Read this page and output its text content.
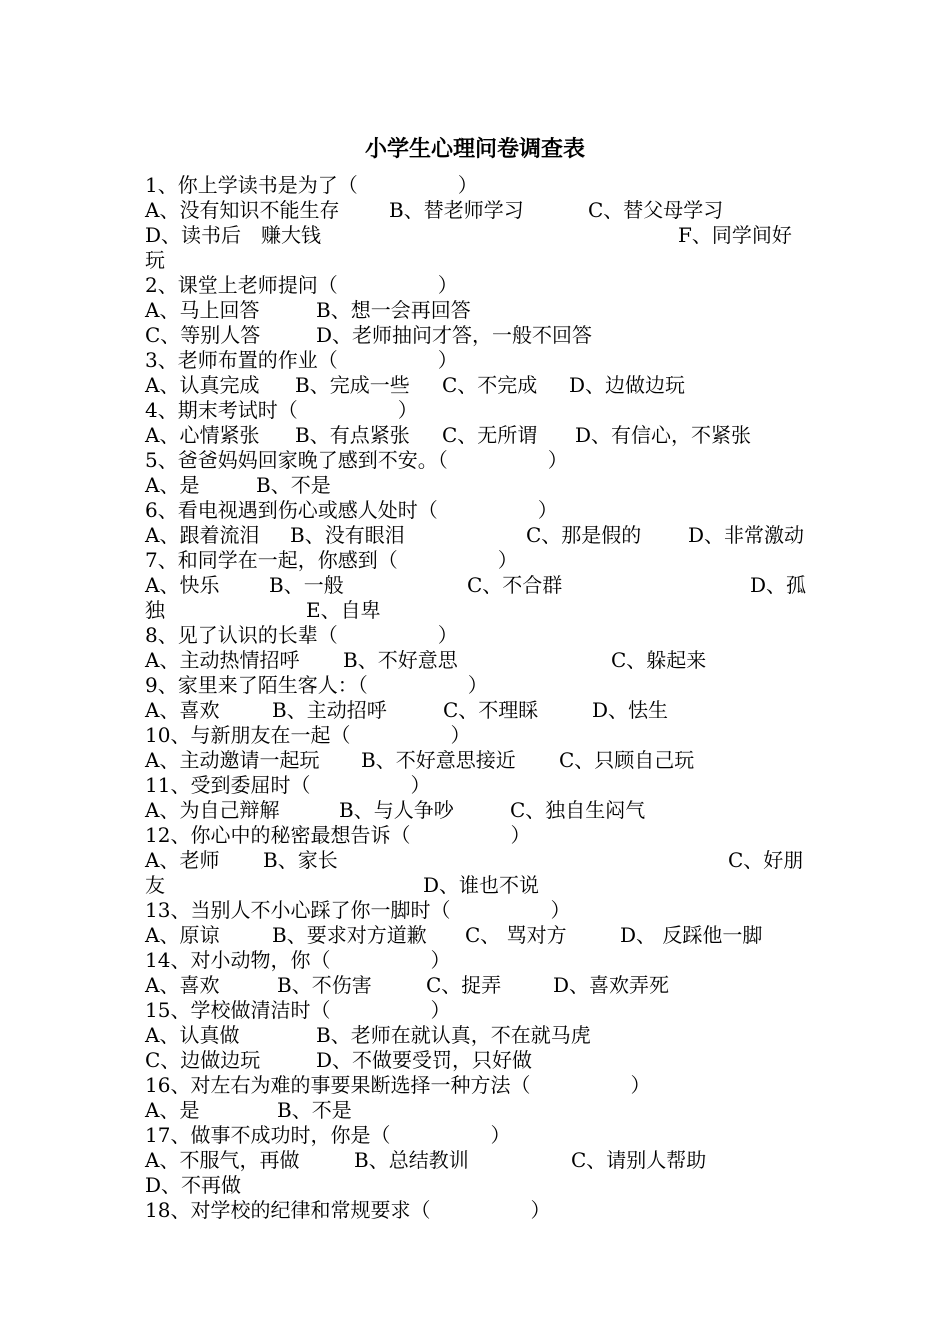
小学生心理问卷调查表
1、你上学读书是为了（　　　　　）
A、没有知识不能生存 B、替老师学习	C、替父母学习
D、读书后　赚大钱	F、同学间好
玩
2、课堂上老师提问（　　　　　）
A、马上回答	B、想一会再回答
C、等别人答	D、老师抽问才答，一般不回答
3、老师布置的作业（　　　　　）
A、认真完成 B、完成一些 C、不完成 D、边做边玩
4、期末考试时（　　　　　）
A、心情紧张 B、有点紧张 C、无所谓 D、有信心，不紧张
5、爸爸妈妈回家晚了感到不安。（　　　　　）
A、是	B、不是
6、看电视遇到伤心或感人处时（　　　　　）
A、跟着流泪 B、没有眼泪	C、那是假的 D、非常激动
7、和同学在一起，你感到（　　　　　）
A、快乐 B、一般	C、不合群	D、孤
独	E、自卑
8、见了认识的长辈（　　　　　）
A、主动热情招呼 B、不好意思	C、躲起来
9、家里来了陌生客人：（　　　　　）
A、喜欢	B、主动招呼	C、不理睬	D、怯生
10、与新朋友在一起（　　　　　）
A、主动邀请一起玩 B、不好意思接近 C、只顾自己玩
11、受到委屈时（　　　　　）
A、为自己辩解	B、与人争吵	C、独自生闷气
12、你心中的秘密最想告诉（　　　　　）
A、老师 B、家长	C、好朋
友	D、谁也不说
13、当别人不小心踩了你一脚时（　　　　　）
A、原谅	B、要求对方道歉 C、 骂对方	D、 反踩他一脚
14、对小动物，你（　　　　　）
A、喜欢	B、不伤害	C、捉弄	D、喜欢弄死
15、学校做清洁时（　　　　　）
A、认真做	B、老师在就认真，不在就马虎
C、边做边玩	D、不做要受罚，只好做
16、对左右为难的事要果断选择一种方法（　　　　　）
A、是	B、不是
17、做事不成功时，你是（　　　　　）
A、不服气，再做	B、总结教训	C、请别人帮助
D、不再做
18、对学校的纪律和常规要求（　　　　　）
